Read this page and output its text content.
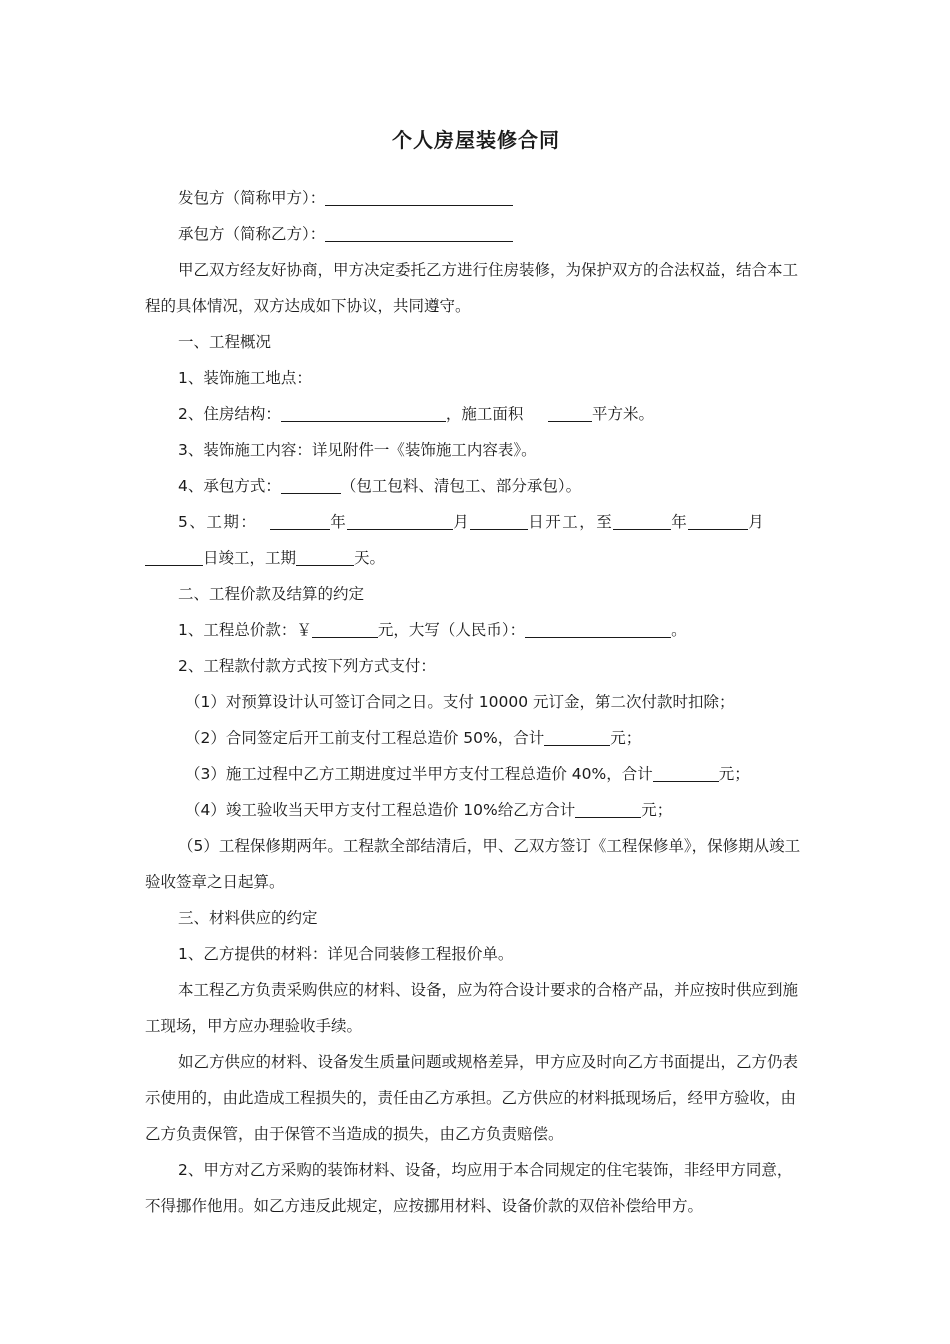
个人房屋装修合同

发包方（简称甲方）：

承包方（简称乙方）：

甲乙双方经友好协商，甲方决定委托乙方进行住房装修，为保护双方的合法权益，结合本工程的具体情况，双方达成如下协议，共同遵守。

一、工程概况

1、装饰施工地点：

2、住房结构：	，施工面积	平方米。

3、装饰施工内容：详见附件一《装饰施工内容表》。

4、承包方式：	（包工包料、清包工、部分承包）。

5、工期：	年	月	日开工，至	年	月

日竣工，工期	天。

二、工程价款及结算的约定

1、工程总价款：￥	元，大写（人民币）：	。

2、工程款付款方式按下列方式支付：

（1）对预算设计认可签订合同之日。支付 10000 元订金，第二次付款时扣除；

（2）合同签定后开工前支付工程总造价 50%，合计	元；

（3）施工过程中乙方工期进度过半甲方支付工程总造价 40%，合计	元；

（4）竣工验收当天甲方支付工程总造价 10%给乙方合计	元；

（5）工程保修期两年。工程款全部结清后，甲、乙双方签订《工程保修单》，保修期从竣工验收签章之日起算。

三、材料供应的约定

1、乙方提供的材料：详见合同装修工程报价单。

本工程乙方负责采购供应的材料、设备，应为符合设计要求的合格产品，并应按时供应到施工现场，甲方应办理验收手续。

如乙方供应的材料、设备发生质量问题或规格差异，甲方应及时向乙方书面提出，乙方仍表示使用的，由此造成工程损失的，责任由乙方承担。乙方供应的材料抵现场后，经甲方验收，由乙方负责保管，由于保管不当造成的损失，由乙方负责赔偿。

2、甲方对乙方采购的装饰材料、设备，均应用于本合同规定的住宅装饰，非经甲方同意，不得挪作他用。如乙方违反此规定，应按挪用材料、设备价款的双倍补偿给甲方。
